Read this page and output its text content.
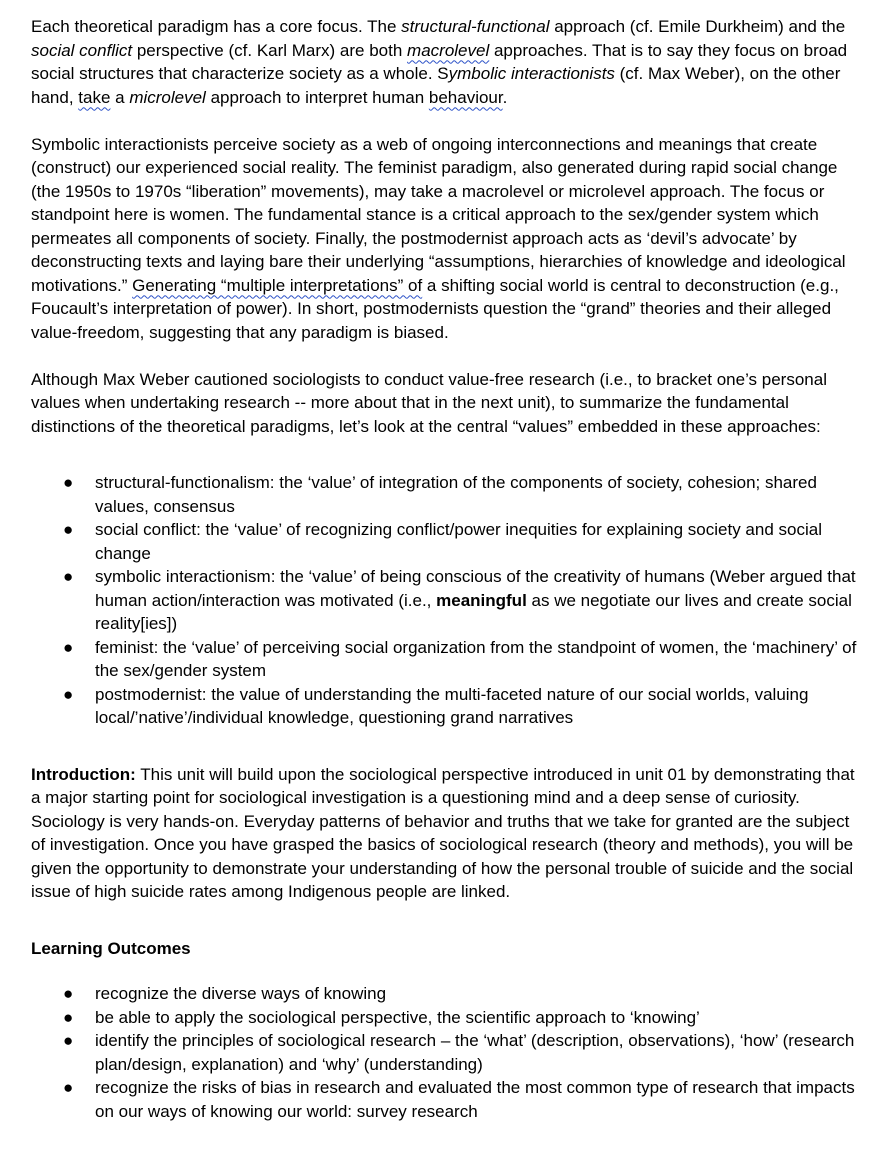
Each theoretical paradigm has a core focus. The structural-functional approach (cf. Emile Durkheim) and the social conflict perspective (cf. Karl Marx) are both macrolevel approaches. That is to say they focus on broad social structures that characterize society as a whole. Symbolic interactionists (cf. Max Weber), on the other hand, take a microlevel approach to interpret human behaviour.

Symbolic interactionists perceive society as a web of ongoing interconnections and meanings that create (construct) our experienced social reality. The feminist paradigm, also generated during rapid social change (the 1950s to 1970s “liberation” movements), may take a macrolevel or microlevel approach. The focus or standpoint here is women. The fundamental stance is a critical approach to the sex/gender system which permeates all components of society. Finally, the postmodernist approach acts as ‘devil’s advocate’ by deconstructing texts and laying bare their underlying “assumptions, hierarchies of knowledge and ideological motivations.” Generating “multiple interpretations” of a shifting social world is central to deconstruction (e.g., Foucault’s interpretation of power). In short, postmodernists question the “grand” theories and their alleged value-freedom, suggesting that any paradigm is biased.

Although Max Weber cautioned sociologists to conduct value-free research (i.e., to bracket one’s personal values when undertaking research -- more about that in the next unit), to summarize the fundamental distinctions of the theoretical paradigms, let’s look at the central “values” embedded in these approaches:

● structural-functionalism: the ‘value’ of integration of the components of society, cohesion; shared values, consensus
● social conflict: the ‘value’ of recognizing conflict/power inequities for explaining society and social change
● symbolic interactionism: the ‘value’ of being conscious of the creativity of humans (Weber argued that human action/interaction was motivated (i.e., meaningful as we negotiate our lives and create social reality[ies])
● feminist: the ‘value’ of perceiving social organization from the standpoint of women, the ‘machinery’ of the sex/gender system
● postmodernist: the value of understanding the multi-faceted nature of our social worlds, valuing local/’native’/individual knowledge, questioning grand narratives

Introduction: This unit will build upon the sociological perspective introduced in unit 01 by demonstrating that a major starting point for sociological investigation is a questioning mind and a deep sense of curiosity. Sociology is very hands-on. Everyday patterns of behavior and truths that we take for granted are the subject of investigation. Once you have grasped the basics of sociological research (theory and methods), you will be given the opportunity to demonstrate your understanding of how the personal trouble of suicide and the social issue of high suicide rates among Indigenous people are linked.

Learning Outcomes

● recognize the diverse ways of knowing
● be able to apply the sociological perspective, the scientific approach to ‘knowing’
● identify the principles of sociological research – the ‘what’ (description, observations), ‘how’ (research plan/design, explanation) and ‘why’ (understanding)
● recognize the risks of bias in research and evaluated the most common type of research that impacts on our ways of knowing our world: survey research
